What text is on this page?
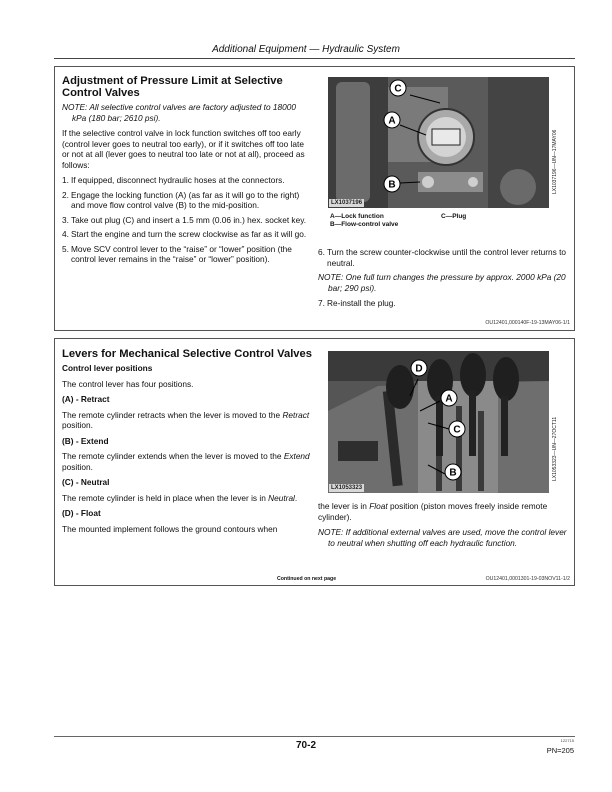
Additional Equipment — Hydraulic System
Adjustment of Pressure Limit at Selective Control Valves
NOTE: All selective control valves are factory adjusted to 18000 kPa (180 bar; 2610 psi).
If the selective control valve in lock function switches off too early (control lever goes to neutral too early), or if it switches off too late or not at all (lever goes to neutral too late or not at all), proceed as follows:
1. If equipped, disconnect hydraulic hoses at the connectors.
2. Engage the locking function (A) (as far as it will go to the right) and move flow control valve (B) to the mid-position.
3. Take out plug (C) and insert a 1.5 mm (0.06 in.) hex. socket key.
4. Start the engine and turn the screw clockwise as far as it will go.
5. Move SCV control lever to the “raise” or “lower” position (the control lever remains in the “raise” or “lower” position).
C
A
B
LX1037196
LX1037196—UN—17MAY06
A—Lock function
B—Flow-control valve
C—Plug
6. Turn the screw counter-clockwise until the control lever returns to neutral.
NOTE: One full turn changes the pressure by approx. 2000 kPa (20 bar; 290 psi).
7. Re-install the plug.
OU12401,000140F-19-13MAY06-1/1
Levers for Mechanical Selective Control Valves
Control lever positions
The control lever has four positions.
(A) - Retract
The remote cylinder retracts when the lever is moved to the Retract position.
(B) - Extend
The remote cylinder extends when the lever is moved to the Extend position.
(C) - Neutral
The remote cylinder is held in place when the lever is in Neutral.
(D) - Float
The mounted implement follows the ground contours when
D
A
C
B
LX1053323
LX1053323—UN—27OCT11
the lever is in Float position (piston moves freely inside remote cylinder).
NOTE: If additional external valves are used, move the control lever to neutral when shutting off each hydraulic function.
Continued on next page	OU12401,0001301-19-03NOV11-1/2
70-2	122715
PN=205
